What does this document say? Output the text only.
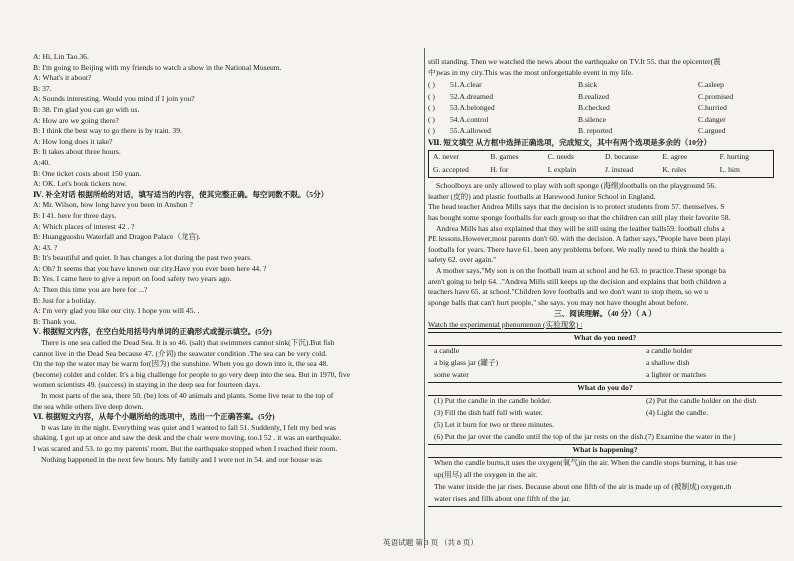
A: Hi, Lin Tao.36.
B: I'm going to Beijing with my friends to watch a show in the National Museum.
A: What's it about?
B: 37.
A: Sounds interesting. Would you mind if I join you?
B: 38. I'm glad you can go with us.
A: How are we going there?
B: I think the best way to go there is by train. 39.
A: How long does it take?
B: It takes about three hours.
A:40.
B: One ticket costs about 150 yuan.
A: OK. Let's book tickets now.
Ⅳ. 补全对话 根据所给的对话，填写适当的内容，使其完整正确。每空词数不限。（5分）
A: Mr. Wilson, how long have you been in Anshun ?
B: I 41. here for three days.
A: Which places of interest 42 . ?
B: Huangguoshu Waterfall and Dragon Palace（龙宫).
A: 43. ?
B: It's beautiful and quiet. It has changes a lot during the past two years.
A: Oh? It seems that you have known our city.Have you ever been here 44. ?
B: Yes. I came here to give a report on food safety two years ago.
A: Then this time you are here for ...?
B: Just for a holiday.
A: I'm very glad you like our city. I hope you will 45. .
B: Thank you.
Ⅴ. 根据短文内容，在空白处用括号内单词的正确形式或提示填空。(5分)
There is one sea called the Dead Sea. It is so 46. (salt) that swimmers cannot sink(下沉).But fish
cannot live in the Dead Sea because 47. (介词) the seawater condition .The sea can be very cold.
On the top the water may be warm for(因为) the sunshine. When you go down into it, the sea 48.
(become) colder and colder. It's a big challenge for people to go very deep into the sea. But in 1970, five
women scientists 49. (success) in staying in the deep sea for fourteen days.
In most parts of the sea, there 50. (be) lots of 40 animals and plants. Some live near to the top of
the sea while others live deep down.
Ⅵ. 根据短文内容，从每个小题所给的选项中，选出一个正确答案。(5分)
It was late in the night. Everything was quiet and I wanted to fall 51. Suddenly, I felt my bed was
shaking. I got up at once and saw the desk and the chair were moving, too.I 52 . it was an earthquake.
I was scared and 53. to go my parents' room. But the earthquake stopped when I reached their room.
Nothing happened in the next few hours. My family and I were not in 54. and our house was
still standing. Then we watched the news about the earthquake on TV.It 55. that the epicenter(震
中)was in my city.This was the most unforgettable event in my life.
( )	51.A.clear	B.sick	C.asleep
( )	52.A.dreamed	B.realized	C.promised
( )	53.A.belonged	B.checked	C.hurried
( )	54.A.control	B.silence	C.danger
( )	55.A.allowed	B. reported	C.argued
Ⅶ. 短文填空 从方框中选择正确选项，完成短文，其中有两个选项是多余的（10分）
A. never	B. games	C. needs	D. because	E. agree	F. hurting
G. accepted	H. for	I. explain	J. instead	K. rules	L. him
Schoolboys are only allowed to play with soft sponge (海绵)footballs on the playground 56.
leather (皮的) and plastic footballs at Harewood Junior School in England.
The head teacher Andrea Mills says that the decision is to protect students from 57. themselves. S
has bought some sponge footballs for each group so that the children can still play their favorite 58.
Andrea Mills has also explained that they will be still using the leather balls59. football clubs a
PE lessons.However,most parents don't 60. with the decision. A father says,"People have been playi
footballs for years. There have 61. been any problems before. We really need to think the health a
safety 62. over again."
A mother says,"My son is on the football team at school and he 63. to practice.These sponge ba
aren't going to help 64. ."Andrea Mills still keeps up the decision and explains that both children a
teachers have 65. at school."Children love footballs and we don't want to stop them, so we u
sponge balls that can't hurt people," she says. you may not have thought about before.
三、阅读理解。（40 分）（ A ）
Watch the experimental phenomenon (实验现象) :
What do you need?
a candle	a candle holder
a big glass jar (罐子)	a shallow dish
some water	a lighter or matches
What do you do?
(1) Put the candle in the candle holder.	(2) Put the candle holder on the dish
(3) Fill the dish half full with water.	(4) Light the candle.
(5) Let it burn for two or three minutes.
(6) Put the jar over the candle until the top of the jar rests on the dish.(7) Examine the water in the j
What is happening?
When the candle burns,it uses the oxygen(氧气)in the air. When the candle stops burning, it has use
up(用尽) all the oxygen in the air.
The water inside the jar rises. Because about one fifth of the air is made up of (被制成) oxygen,th
water rises and fills about one fifth of the jar.
英语试题 第 3 页 （共 8 页）
